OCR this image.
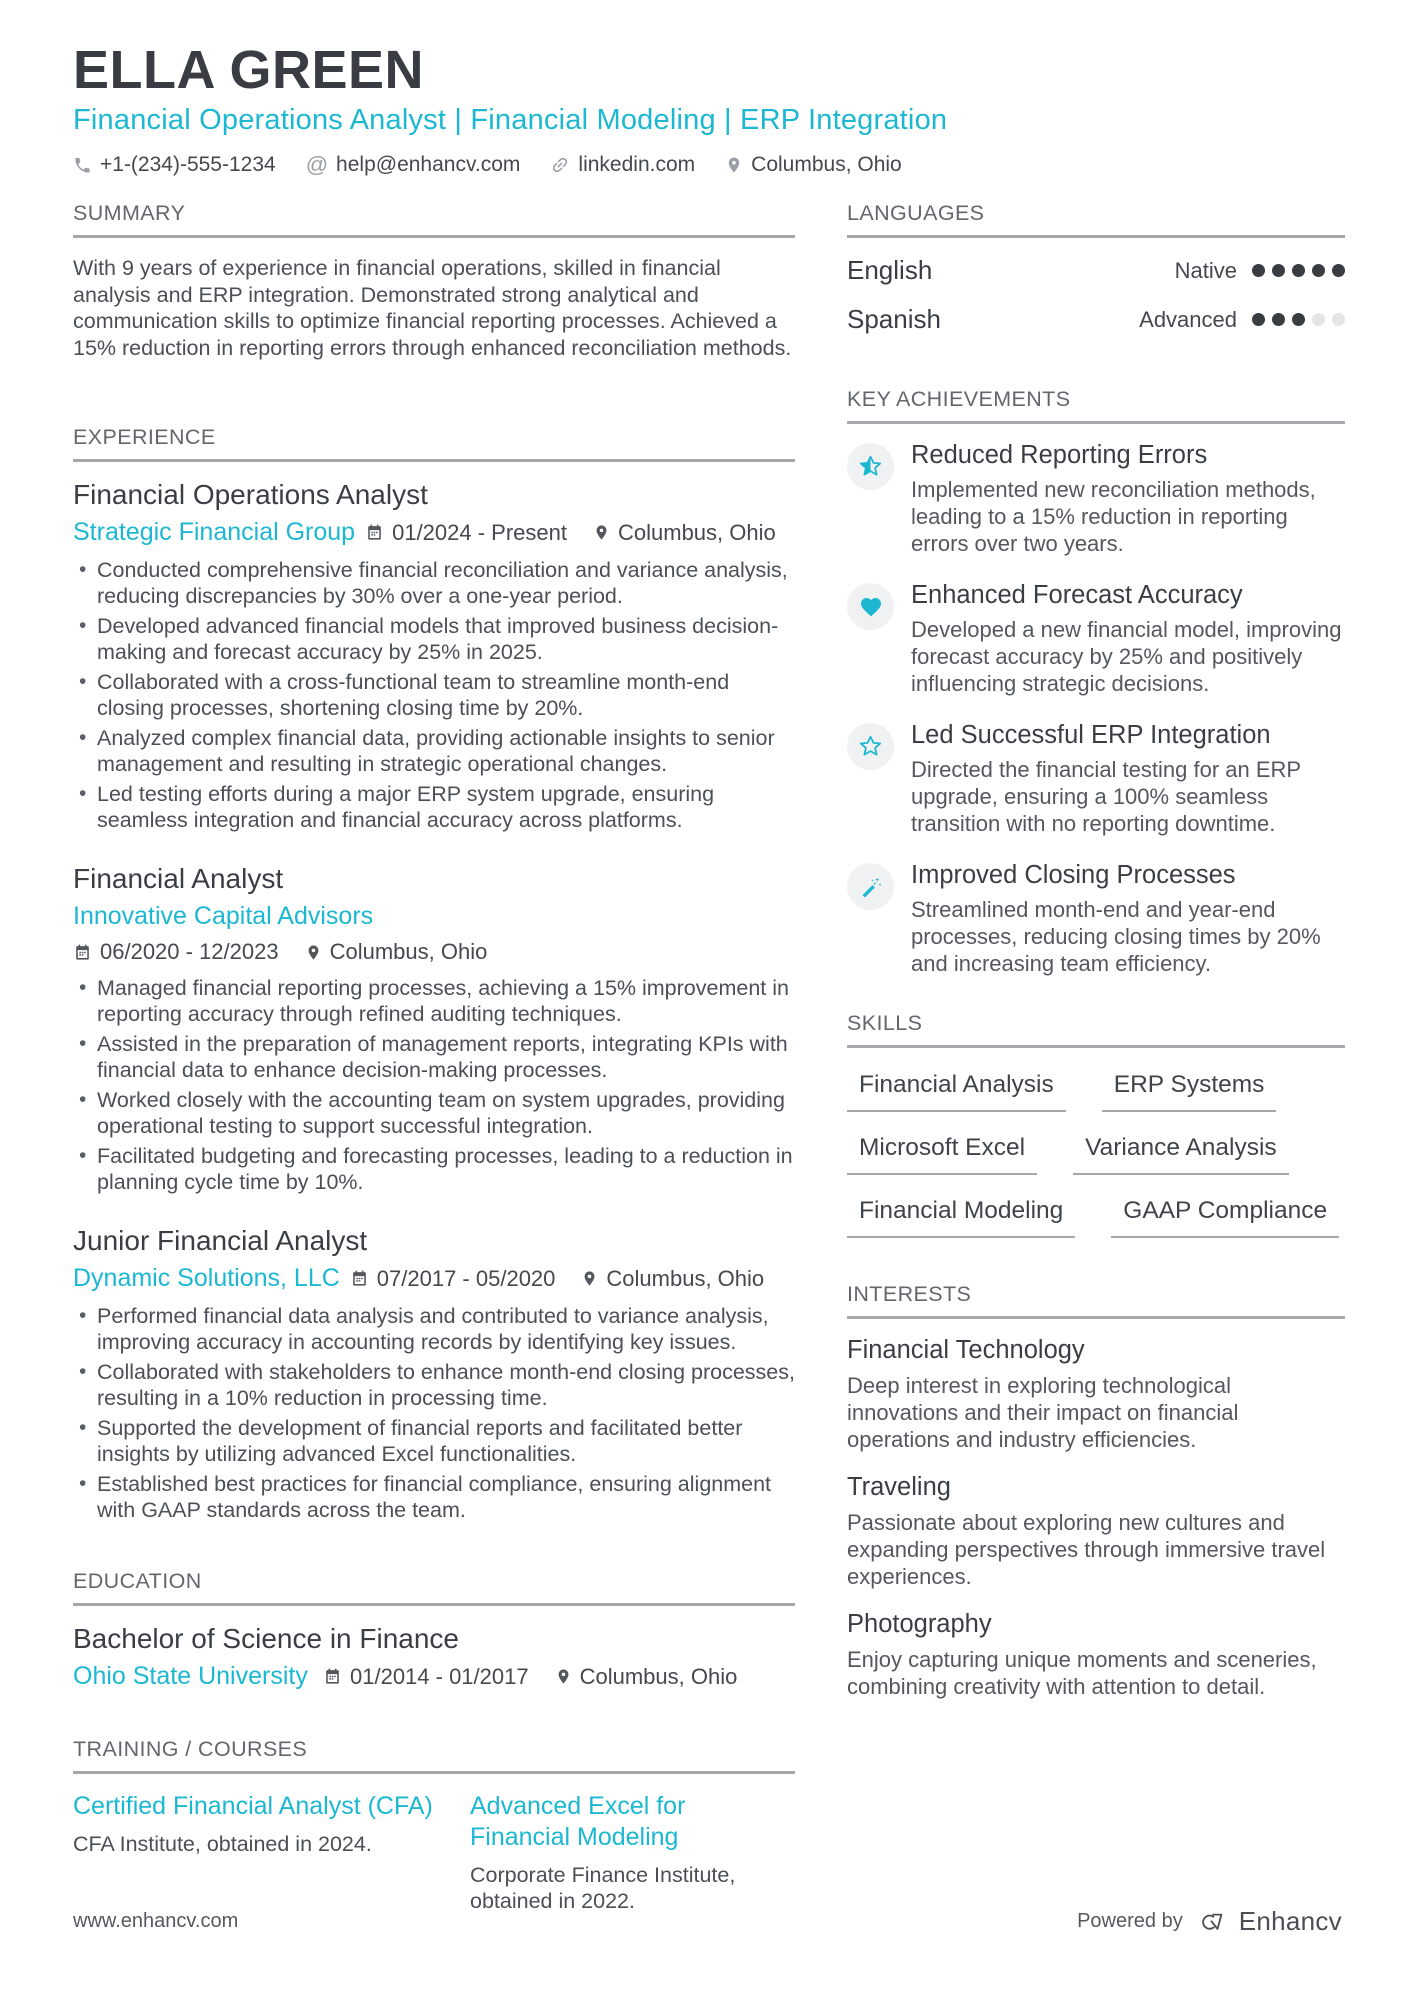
ELLA GREEN
Financial Operations Analyst | Financial Modeling | ERP Integration
+1-(234)-555-1234 @ help@enhancv.com	linkedin.com	Columbus, Ohio
SUMMARY
With 9 years of experience in financial operations, skilled in financial analysis and ERP integration. Demonstrated strong analytical and communication skills to optimize financial reporting processes. Achieved a 15% reduction in reporting errors through enhanced reconciliation methods.
EXPERIENCE
Financial Operations Analyst
Strategic Financial Group	01/2024 - Present Columbus, Ohio
• Conducted comprehensive financial reconciliation and variance analysis, reducing discrepancies by 30% over a one-year period.
• Developed advanced financial models that improved business decision-making and forecast accuracy by 25% in 2025.
• Collaborated with a cross-functional team to streamline month-end closing processes, shortening closing time by 20%.
• Analyzed complex financial data, providing actionable insights to senior management and resulting in strategic operational changes.
• Led testing efforts during a major ERP system upgrade, ensuring seamless integration and financial accuracy across platforms.
Financial Analyst
Innovative Capital Advisors
06/2020 - 12/2023 Columbus, Ohio
• Managed financial reporting processes, achieving a 15% improvement in reporting accuracy through refined auditing techniques.
• Assisted in the preparation of management reports, integrating KPIs with financial data to enhance decision-making processes.
• Worked closely with the accounting team on system upgrades, providing operational testing to support successful integration.
• Facilitated budgeting and forecasting processes, leading to a reduction in planning cycle time by 10%.
Junior Financial Analyst
Dynamic Solutions, LLC	07/2017 - 05/2020 Columbus, Ohio
• Performed financial data analysis and contributed to variance analysis, improving accuracy in accounting records by identifying key issues.
• Collaborated with stakeholders to enhance month-end closing processes, resulting in a 10% reduction in processing time.
• Supported the development of financial reports and facilitated better insights by utilizing advanced Excel functionalities.
• Established best practices for financial compliance, ensuring alignment with GAAP standards across the team.
EDUCATION
Bachelor of Science in Finance
Ohio State University	01/2014 - 01/2017 Columbus, Ohio
TRAINING / COURSES
Certified Financial Analyst (CFA)
CFA Institute, obtained in 2024.
Advanced Excel for Financial Modeling
Corporate Finance Institute, obtained in 2022.
LANGUAGES
English	Native
Spanish	Advanced
KEY ACHIEVEMENTS
Reduced Reporting Errors
Implemented new reconciliation methods, leading to a 15% reduction in reporting errors over two years.
Enhanced Forecast Accuracy
Developed a new financial model, improving forecast accuracy by 25% and positively influencing strategic decisions.
Led Successful ERP Integration
Directed the financial testing for an ERP upgrade, ensuring a 100% seamless transition with no reporting downtime.
Improved Closing Processes
Streamlined month-end and year-end processes, reducing closing times by 20% and increasing team efficiency.
SKILLS
Financial Analysis	ERP Systems
Microsoft Excel	Variance Analysis
Financial Modeling	GAAP Compliance
INTERESTS
Financial Technology
Deep interest in exploring technological innovations and their impact on financial operations and industry efficiencies.
Traveling
Passionate about exploring new cultures and expanding perspectives through immersive travel experiences.
Photography
Enjoy capturing unique moments and sceneries, combining creativity with attention to detail.
www.enhancv.com	Powered by Enhancv
